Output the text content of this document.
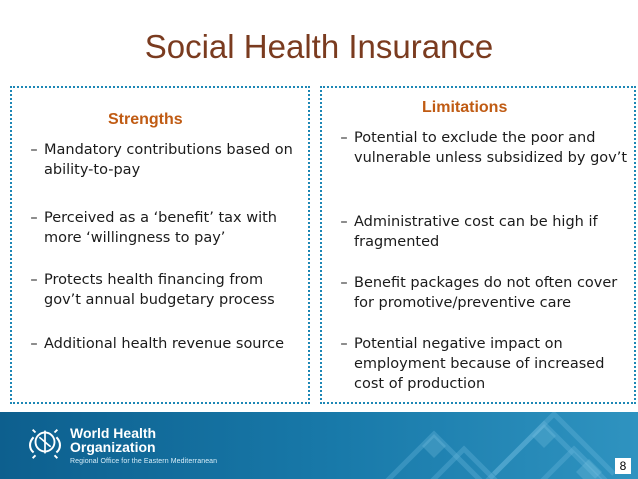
Social Health Insurance
Strengths
– Mandatory contributions based on ability-to-pay
– Perceived as a ‘benefit’ tax with more ‘willingness to pay’
– Protects health financing from gov’t annual budgetary process
– Additional health revenue source
Limitations
– Potential to exclude the poor and vulnerable unless subsidized by gov’t
– Administrative cost can be high if fragmented
– Benefit packages do not often cover for promotive/preventive care
– Potential negative impact on employment because of increased cost of production
World Health
Organization
Regional Office for the Eastern Mediterranean	8
